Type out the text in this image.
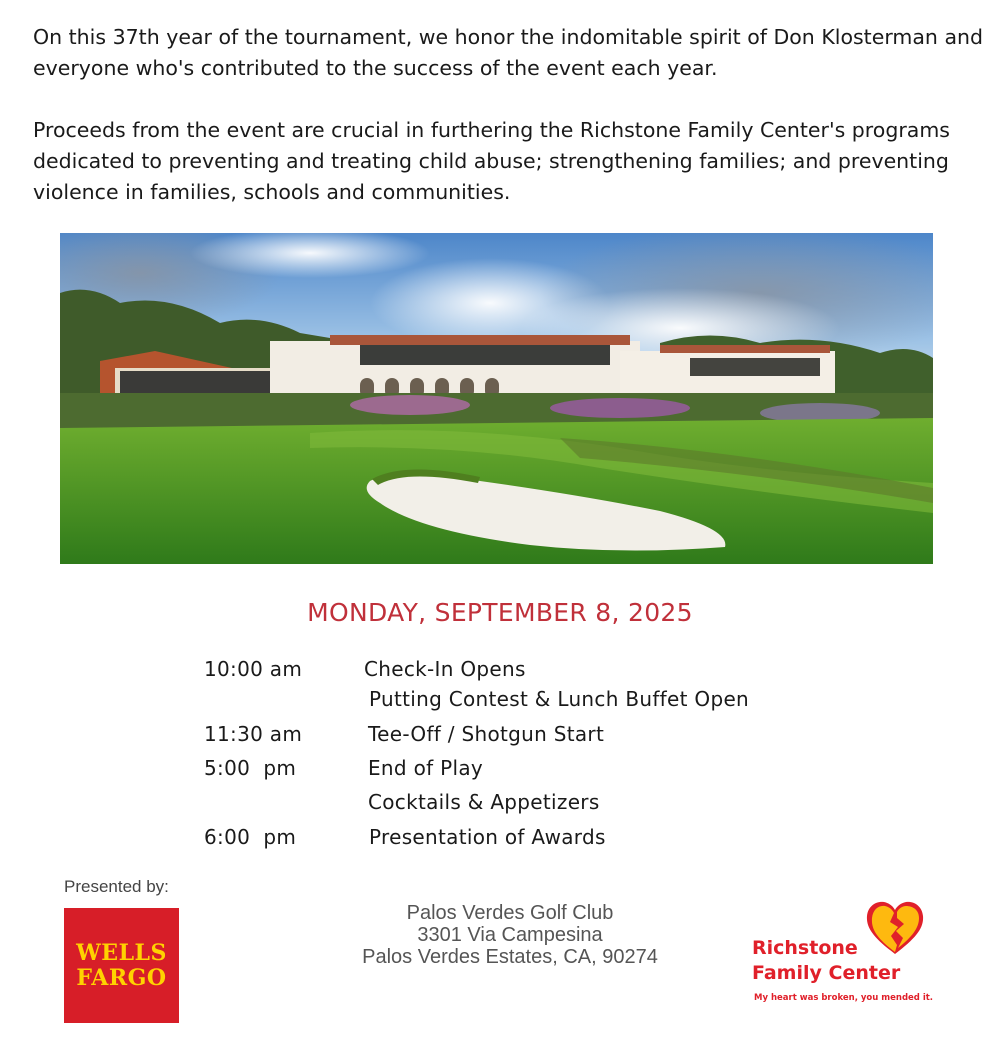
On this 37th year of the tournament, we honor the indomitable spirit of Don Klosterman and everyone who's contributed to the success of the event each year.

Proceeds from the event are crucial in furthering the Richstone Family Center's programs dedicated to preventing and treating child abuse; strengthening families; and preventing violence in families, schools and communities.

MONDAY, SEPTEMBER 8, 2025
10:00 am	Check-In Opens
Putting Contest & Lunch Buffet Open
11:30 am	Tee-Off / Shotgun Start
5:00  pm	End of Play
Cocktails & Appetizers
6:00  pm	Presentation of Awards
Presented by:
WELLS
FARGO
Palos Verdes Golf Club
3301 Via Campesina
Palos Verdes Estates, CA, 90274	Richstone
Family Center
My heart was broken, you mended it.
